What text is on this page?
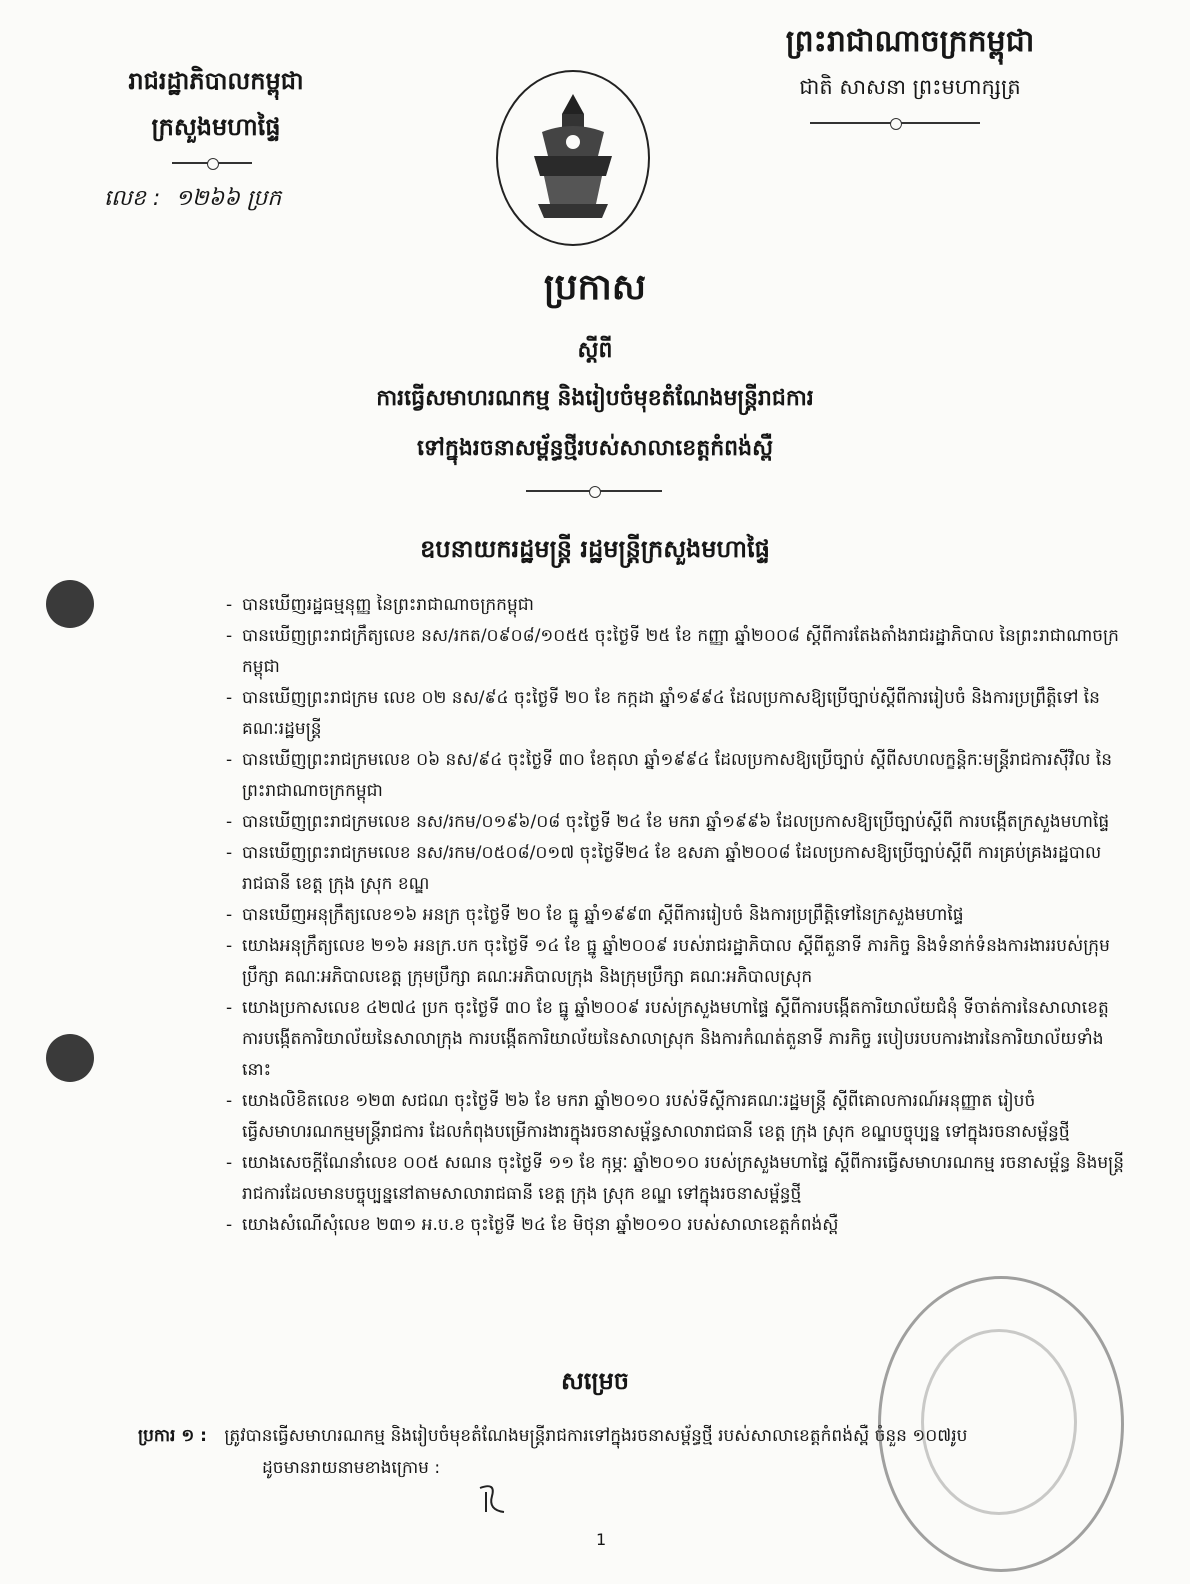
ព្រះរាជាណាចក្រកម្ពុជា
ជាតិ សាសនា ព្រះមហាក្សត្រ
រាជរដ្ឋាភិបាលកម្ពុជា
ក្រសួងមហាផ្ទៃ
លេខ : ១២៦៦ ប្រក
ប្រកាស
ស្តីពី
ការធ្វើសមាហរណកម្ម និងរៀបចំមុខតំណែងមន្ត្រីរាជការ
ទៅក្នុងរចនាសម្ព័ន្ធថ្មីរបស់សាលាខេត្តកំពង់ស្ពឺ
ឧបនាយករដ្ឋមន្ត្រី រដ្ឋមន្ត្រីក្រសួងមហាផ្ទៃ
- បានឃើញរដ្ឋធម្មនុញ្ញ នៃព្រះរាជាណាចក្រកម្ពុជា
- បានឃើញព្រះរាជក្រឹត្យលេខ នស/រកត/០៩០៨/១០៥៥ ចុះថ្ងៃទី ២៥ ខែ កញ្ញា ឆ្នាំ២០០៨ ស្តីពីការតែងតាំងរាជរដ្ឋាភិបាល នៃព្រះរាជាណាចក្រកម្ពុជា
- បានឃើញព្រះរាជក្រម លេខ ០២ នស/៩៤ ចុះថ្ងៃទី ២០ ខែ កក្កដា ឆ្នាំ១៩៩៤ ដែលប្រកាសឱ្យប្រើច្បាប់ស្តីពីការរៀបចំ និងការប្រព្រឹត្តិទៅ នៃគណៈរដ្ឋមន្ត្រី
- បានឃើញព្រះរាជក្រមលេខ ០៦ នស/៩៤ ចុះថ្ងៃទី ៣០ ខែតុលា ឆ្នាំ១៩៩៤ ដែលប្រកាសឱ្យប្រើច្បាប់ ស្តីពីសហលក្ខន្តិកៈមន្ត្រីរាជការស៊ីវិល នៃព្រះរាជាណាចក្រកម្ពុជា
- បានឃើញព្រះរាជក្រមលេខ នស/រកម/០១៩៦/០៨ ចុះថ្ងៃទី ២៤ ខែ មករា ឆ្នាំ១៩៩៦ ដែលប្រកាសឱ្យប្រើច្បាប់ស្តីពី ការបង្កើតក្រសួងមហាផ្ទៃ
- បានឃើញព្រះរាជក្រមលេខ នស/រកម/០៥០៨/០១៧ ចុះថ្ងៃទី២៤ ខែ ឧសភា ឆ្នាំ២០០៨ ដែលប្រកាសឱ្យប្រើច្បាប់ស្តីពី ការគ្រប់គ្រងរដ្ឋបាលរាជធានី ខេត្ត ក្រុង ស្រុក ខណ្ឌ
- បានឃើញអនុក្រឹត្យលេខ១៦ អនក្រ ចុះថ្ងៃទី ២០ ខែ ធ្នូ ឆ្នាំ១៩៩៣ ស្តីពីការរៀបចំ និងការប្រព្រឹត្តិទៅនៃក្រសួងមហាផ្ទៃ
- យោងអនុក្រឹត្យលេខ ២១៦ អនក្រ.បក ចុះថ្ងៃទី ១៤ ខែ ធ្នូ ឆ្នាំ២០០៩ របស់រាជរដ្ឋាភិបាល ស្តីពីតួនាទី ភារកិច្ច និងទំនាក់ទំនងការងាររបស់ក្រុមប្រឹក្សា គណៈអភិបាលខេត្ត ក្រុមប្រឹក្សា គណៈអភិបាលក្រុង និងក្រុមប្រឹក្សា គណៈអភិបាលស្រុក
- យោងប្រកាសលេខ ៤២៧៤ ប្រក ចុះថ្ងៃទី ៣០ ខែ ធ្នូ ឆ្នាំ២០០៩ របស់ក្រសួងមហាផ្ទៃ ស្តីពីការបង្កើតការិយាល័យជំនុំ ទីចាត់ការនៃសាលាខេត្ត ការបង្កើតការិយាល័យនៃសាលាក្រុង ការបង្កើតការិយាល័យនៃសាលាស្រុក និងការកំណត់តួនាទី ភារកិច្ច របៀបរបបការងារនៃការិយាល័យទាំងនោះ
- យោងលិខិតលេខ ១២៣ សជណ ចុះថ្ងៃទី ២៦ ខែ មករា ឆ្នាំ២០១០ របស់ទីស្តីការគណៈរដ្ឋមន្ត្រី ស្តីពីគោលការណ៍អនុញ្ញាត រៀបចំធ្វើសមាហរណកម្មមន្ត្រីរាជការ ដែលកំពុងបម្រើការងារក្នុងរចនាសម្ព័ន្ធសាលារាជធានី ខេត្ត ក្រុង ស្រុក ខណ្ឌបច្ចុប្បន្ន ទៅក្នុងរចនាសម្ព័ន្ធថ្មី
- យោងសេចក្តីណែនាំលេខ ០០៥ សណន ចុះថ្ងៃទី ១១ ខែ កុម្ភៈ ឆ្នាំ២០១០ របស់ក្រសួងមហាផ្ទៃ ស្តីពីការធ្វើសមាហរណកម្ម រចនាសម្ព័ន្ធ និងមន្ត្រីរាជការដែលមានបច្ចុប្បន្ននៅតាមសាលារាជធានី ខេត្ត ក្រុង ស្រុក ខណ្ឌ ទៅក្នុងរចនាសម្ព័ន្ធថ្មី
- យោងសំណើសុំលេខ ២៣១ អ.ប.ខ ចុះថ្ងៃទី ២៤ ខែ មិថុនា ឆ្នាំ២០១០ របស់សាលាខេត្តកំពង់ស្ពឺ
សម្រេច
ប្រការ ១ : ត្រូវបានធ្វើសមាហរណកម្ម និងរៀបចំមុខតំណែងមន្ត្រីរាជការទៅក្នុងរចនាសម្ព័ន្ធថ្មី របស់សាលាខេត្តកំពង់ស្ពឺ ចំនួន ១០៧រូប
ដូចមានរាយនាមខាងក្រោម :
1
